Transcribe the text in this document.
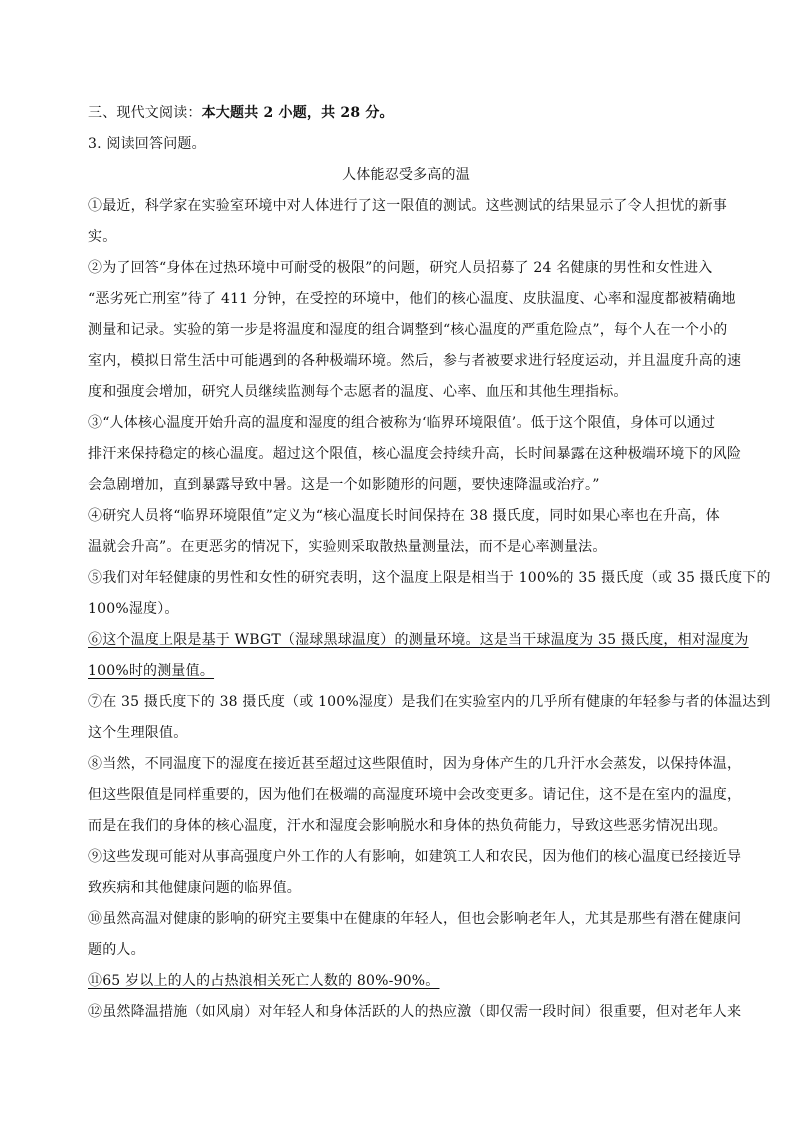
三、现代文阅读：本大题共 2 小题，共 28 分。
3. 阅读回答问题。
人体能忍受多高的温
①最近，科学家在实验室环境中对人体进行了这一限值的测试。这些测试的结果显示了令人担忧的新事
实。
②为了回答“身体在过热环境中可耐受的极限”的问题，研究人员招募了 24 名健康的男性和女性进入
“恶劣死亡刑室”待了 411 分钟，在受控的环境中，他们的核心温度、皮肤温度、心率和湿度都被精确地
测量和记录。实验的第一步是将温度和湿度的组合调整到“核心温度的严重危险点”，每个人在一个小的
室内，模拟日常生活中可能遇到的各种极端环境。然后，参与者被要求进行轻度运动，并且温度升高的速
度和强度会增加，研究人员继续监测每个志愿者的温度、心率、血压和其他生理指标。
③“人体核心温度开始升高的温度和湿度的组合被称为‘临界环境限值’。低于这个限值，身体可以通过
排汗来保持稳定的核心温度。超过这个限值，核心温度会持续升高，长时间暴露在这种极端环境下的风险
会急剧增加，直到暴露导致中暑。这是一个如影随形的问题，要快速降温或治疗。”
④研究人员将“临界环境限值”定义为“核心温度长时间保持在 38 摄氏度，同时如果心率也在升高，体
温就会升高”。在更恶劣的情况下，实验则采取散热量测量法，而不是心率测量法。
⑤我们对年轻健康的男性和女性的研究表明，这个温度上限是相当于 100%的 35 摄氏度（或 35 摄氏度下的
100%湿度）。
⑥这个温度上限是基于 WBGT（湿球黑球温度）的测量环境。这是当干球温度为 35 摄氏度，相对湿度为
100%时的测量值。
⑦在 35 摄氏度下的 38 摄氏度（或 100%湿度）是我们在实验室内的几乎所有健康的年轻参与者的体温达到
这个生理限值。
⑧当然，不同温度下的湿度在接近甚至超过这些限值时，因为身体产生的几升汗水会蒸发，以保持体温，
但这些限值是同样重要的，因为他们在极端的高湿度环境中会改变更多。请记住，这不是在室内的温度，
而是在我们的身体的核心温度，汗水和湿度会影响脱水和身体的热负荷能力，导致这些恶劣情况出现。
⑨这些发现可能对从事高强度户外工作的人有影响，如建筑工人和农民，因为他们的核心温度已经接近导
致疾病和其他健康问题的临界值。
⑩虽然高温对健康的影响的研究主要集中在健康的年轻人，但也会影响老年人，尤其是那些有潜在健康问
题的人。
⑪65 岁以上的人的占热浪相关死亡人数的 80%-90%。
⑫虽然降温措施（如风扇）对年轻人和身体活跃的人的热应激（即仅需一段时间）很重要，但对老年人来
